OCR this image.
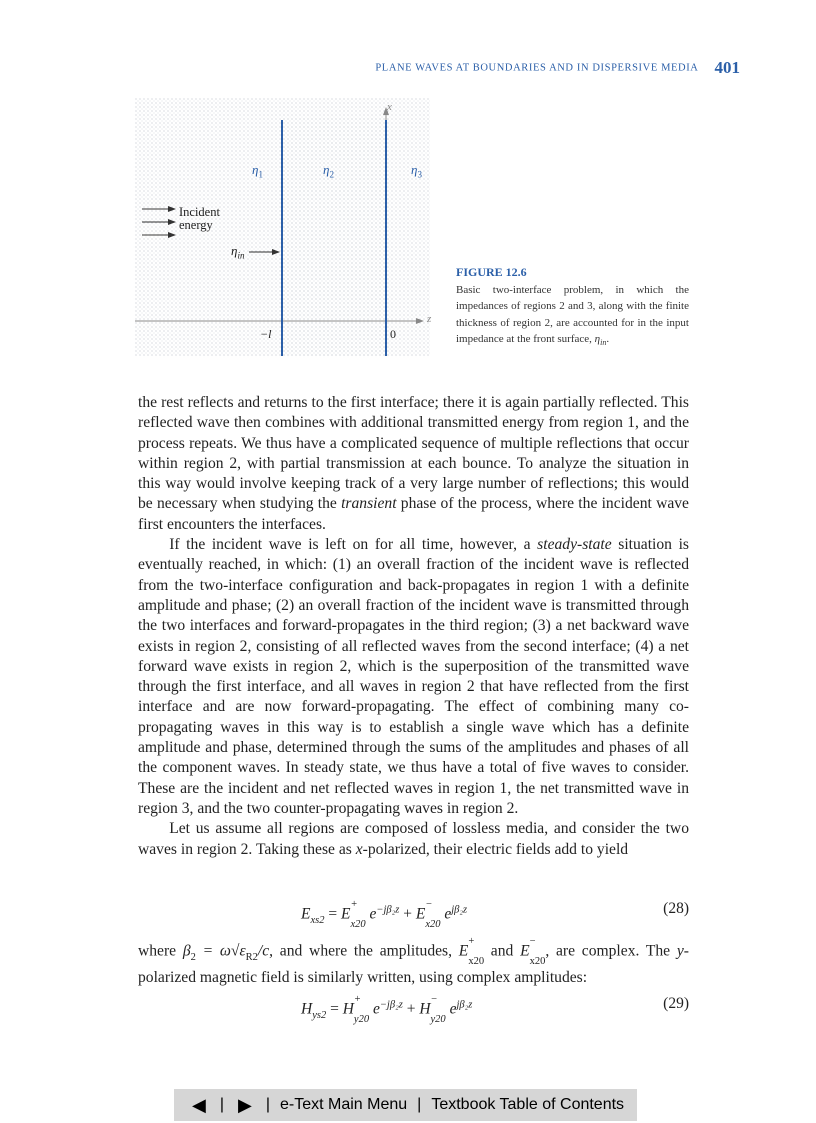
PLANE WAVES AT BOUNDARIES AND IN DISPERSIVE MEDIA 401
x
z
$\eta_1$	$\eta_2$	$\eta_3$
Incident
energy
$\eta_{in}$
−l	0
FIGURE 12.6
Basic two-interface problem, in which the impedances of regions 2 and 3, along with the finite thickness of region 2, are accounted for in the input impedance at the front surface, $\eta_{in}$.

the rest reflects and returns to the first interface; there it is again partially reflected. This reflected wave then combines with additional transmitted energy from region 1, and the process repeats. We thus have a complicated sequence of multiple reflections that occur within region 2, with partial transmission at each bounce. To analyze the situation in this way would involve keeping track of a very large number of reflections; this would be necessary when studying the transient phase of the process, where the incident wave first encounters the interfaces.

If the incident wave is left on for all time, however, a steady-state situation is eventually reached, in which: (1) an overall fraction of the incident wave is reflected from the two-interface configuration and back-propagates in region 1 with a definite amplitude and phase; (2) an overall fraction of the incident wave is transmitted through the two interfaces and forward-propagates in the third region; (3) a net backward wave exists in region 2, consisting of all reflected waves from the second interface; (4) a net forward wave exists in region 2, which is the superposition of the transmitted wave through the first interface, and all waves in region 2 that have reflected from the first interface and are now forward-propagating. The effect of combining many co-propagating waves in this way is to establish a single wave which has a definite amplitude and phase, determined through the sums of the amplitudes and phases of all the component waves. In steady state, we thus have a total of five waves to consider. These are the incident and net reflected waves in region 1, the net transmitted wave in region 3, and the two counter-propagating waves in region 2.

Let us assume all regions are composed of lossless media, and consider the two waves in region 2. Taking these as x-polarized, their electric fields add to yield

$E_{xs2} = E^+$
$_{x20}$ $e^{-j\beta_2z} + E^-$
$_{x20}$ $e^{j\beta_2z}$	(28)

where $\beta_2 = \omega√\varepsilon_{R2}/c$, and where the amplitudes, E+
$_{x20}$ and E−
$_{x20}$, are complex. The y-polarized magnetic field is similarly written, using complex amplitudes:

$H_{ys2} = H^+$
$_{y20}$ $e^{-j\beta_2z} + H^-$
$_{y20}$ $e^{j\beta_2z}$	(29)
◀ | ▶ | e-Text Main Menu | Textbook Table of Contents
